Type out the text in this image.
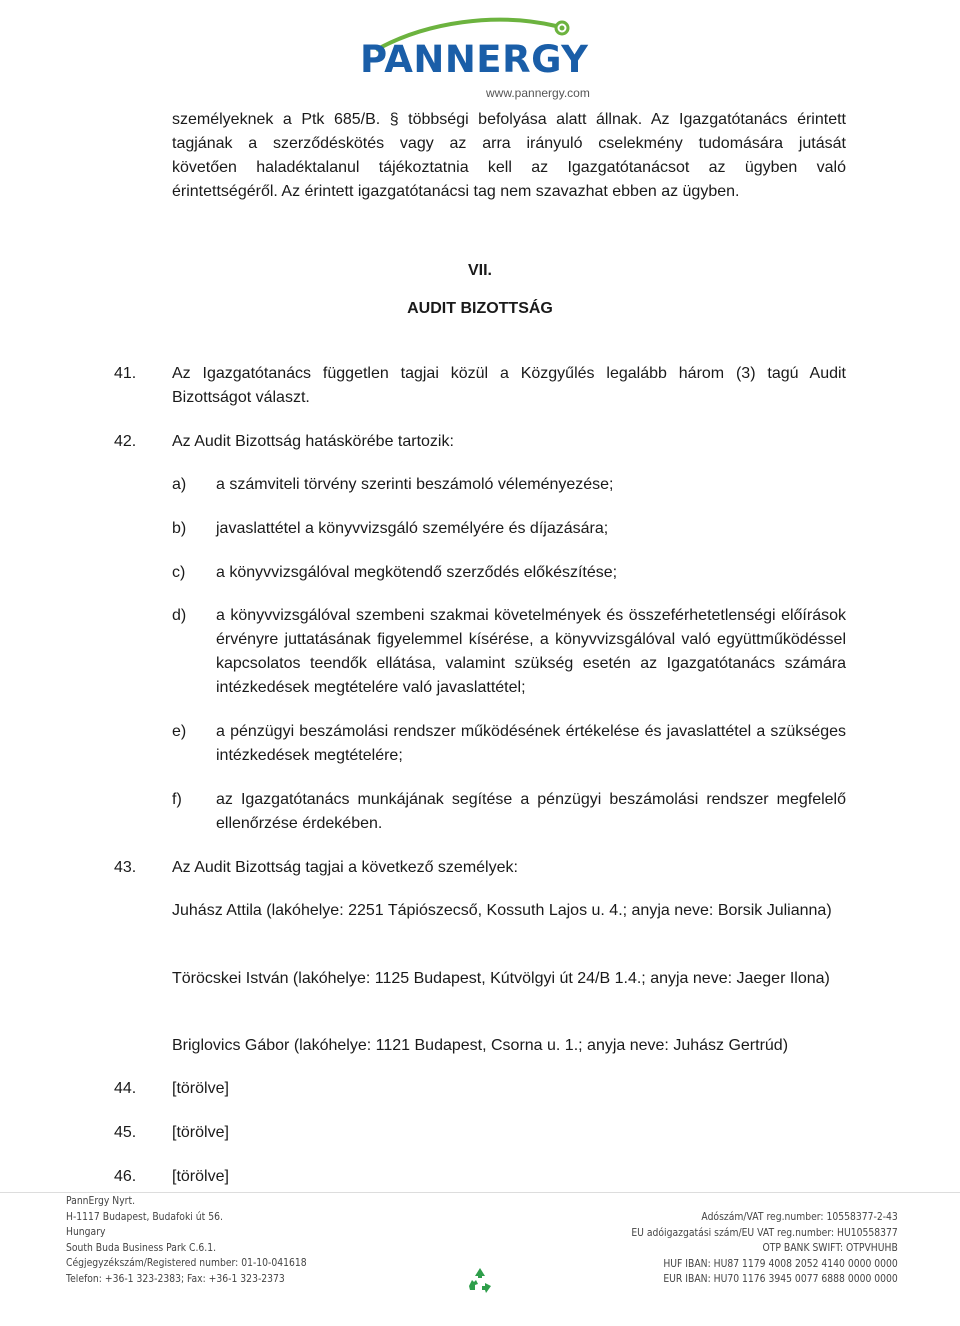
PANNERGY
www.pannergy.com
személyeknek a Ptk 685/B. § többségi befolyása alatt állnak. Az Igazgatótanács érintett
tagjának a szerződéskötés vagy az arra irányuló cselekmény tudomására jutását
követően haladéktalanul tájékoztatnia kell az Igazgatótanácsot az ügyben való
érintettségéről. Az érintett igazgatótanácsi tag nem szavazhat ebben az ügyben.
VII.
AUDIT BIZOTTSÁG
41. Az Igazgatótanács független tagjai közül a Közgyűlés legalább három (3) tagú Audit Bizottságot választ.
42. Az Audit Bizottság hatáskörébe tartozik:
a) a számviteli törvény szerinti beszámoló véleményezése;
b) javaslattétel a könyvvizsgáló személyére és díjazására;
c) a könyvvizsgálóval megkötendő szerződés előkészítése;
d) a könyvvizsgálóval szembeni szakmai követelmények és összeférhetetlenségi előírások érvényre juttatásának figyelemmel kísérése, a könyvvizsgálóval való együttműködéssel kapcsolatos teendők ellátása, valamint szükség esetén az Igazgatótanács számára intézkedések megtételére való javaslattétel;
e) a pénzügyi beszámolási rendszer működésének értékelése és javaslattétel a szükséges intézkedések megtételére;
f) az Igazgatótanács munkájának segítése a pénzügyi beszámolási rendszer megfelelő ellenőrzése érdekében.
43. Az Audit Bizottság tagjai a következő személyek:
Juhász Attila (lakóhelye: 2251 Tápiószecső, Kossuth Lajos u. 4.; anyja neve: Borsik Julianna)
Töröcskei István (lakóhelye: 1125 Budapest, Kútvölgyi út 24/B 1.4.; anyja neve: Jaeger Ilona)
Briglovics Gábor (lakóhelye: 1121 Budapest, Csorna u. 1.; anyja neve: Juhász Gertrúd)
44. [törölve]
45. [törölve]
46. [törölve]
PannErgy Nyrt.
H-1117 Budapest, Budafoki út 56.
Hungary
South Buda Business Park C.6.1.
Cégjegyzékszám/Registered number: 01-10-041618
Telefon: +36-1 323-2383; Fax: +36-1 323-2373
Adószám/VAT reg.number: 10558377-2-43
EU adóigazgatási szám/EU VAT reg.number: HU10558377
OTP BANK SWIFT: OTPVHUHB
HUF IBAN: HU87 1179 4008 2052 4140 0000 0000
EUR IBAN: HU70 1176 3945 0077 6888 0000 0000
